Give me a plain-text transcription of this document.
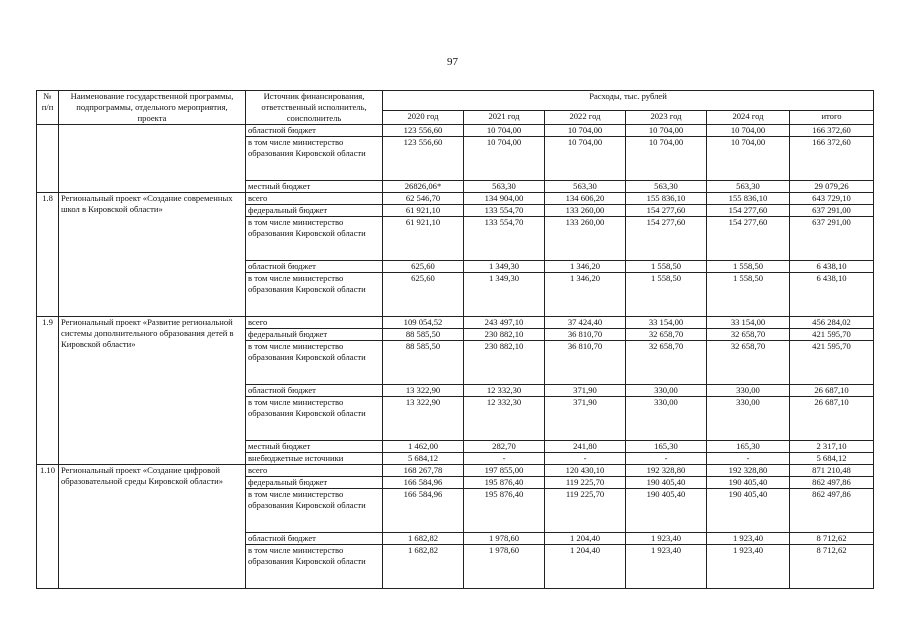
97
№
п/п	Наименование государственной программы, подпрограммы, отдельного мероприятия, проекта	Источник финансирования, ответственный исполнитель, соисполнитель	Расходы, тыс. рублей					
			2020 год	2021 год	2022 год	2023 год	2024 год	итого
		областной бюджет	123 556,60	10 704,00	10 704,00	10 704,00	10 704,00	166 372,60
		в том числе министерство образования Кировской области	123 556,60	10 704,00	10 704,00	10 704,00	10 704,00	166 372,60
		местный бюджет	26826,06*	563,30	563,30	563,30	563,30	29 079,26
1.8	Региональный проект «Создание современных школ в Кировской области»	всего	62 546,70	134 904,00	134 606,20	155 836,10	155 836,10	643 729,10
		федеральный бюджет	61 921,10	133 554,70	133 260,00	154 277,60	154 277,60	637 291,00
		в том числе министерство образования Кировской области	61 921,10	133 554,70	133 260,00	154 277,60	154 277,60	637 291,00
		областной бюджет	625,60	1 349,30	1 346,20	1 558,50	1 558,50	6 438,10
		в том числе министерство образования Кировской области	625,60	1 349,30	1 346,20	1 558,50	1 558,50	6 438,10
1.9	Региональный проект «Развитие региональной системы дополнительного образования детей в Кировской области»	всего	109 054,52	243 497,10	37 424,40	33 154,00	33 154,00	456 284,02
		федеральный бюджет	88 585,50	230 882,10	36 810,70	32 658,70	32 658,70	421 595,70
		в том числе министерство образования Кировской области	88 585,50	230 882,10	36 810,70	32 658,70	32 658,70	421 595,70
		областной бюджет	13 322,90	12 332,30	371,90	330,00	330,00	26 687,10
		в том числе министерство образования Кировской области	13 322,90	12 332,30	371,90	330,00	330,00	26 687,10
		местный бюджет	1 462,00	282,70	241,80	165,30	165,30	2 317,10
		внебюджетные источники	5 684,12	-	-	-	-	5 684,12
1.10	Региональный проект «Создание цифровой образовательной среды Кировской области»	всего	168 267,78	197 855,00	120 430,10	192 328,80	192 328,80	871 210,48
		федеральный бюджет	166 584,96	195 876,40	119 225,70	190 405,40	190 405,40	862 497,86
		в том числе министерство образования Кировской области	166 584,96	195 876,40	119 225,70	190 405,40	190 405,40	862 497,86
		областной бюджет	1 682,82	1 978,60	1 204,40	1 923,40	1 923,40	8 712,62
		в том числе министерство образования Кировской области	1 682,82	1 978,60	1 204,40	1 923,40	1 923,40	8 712,62
